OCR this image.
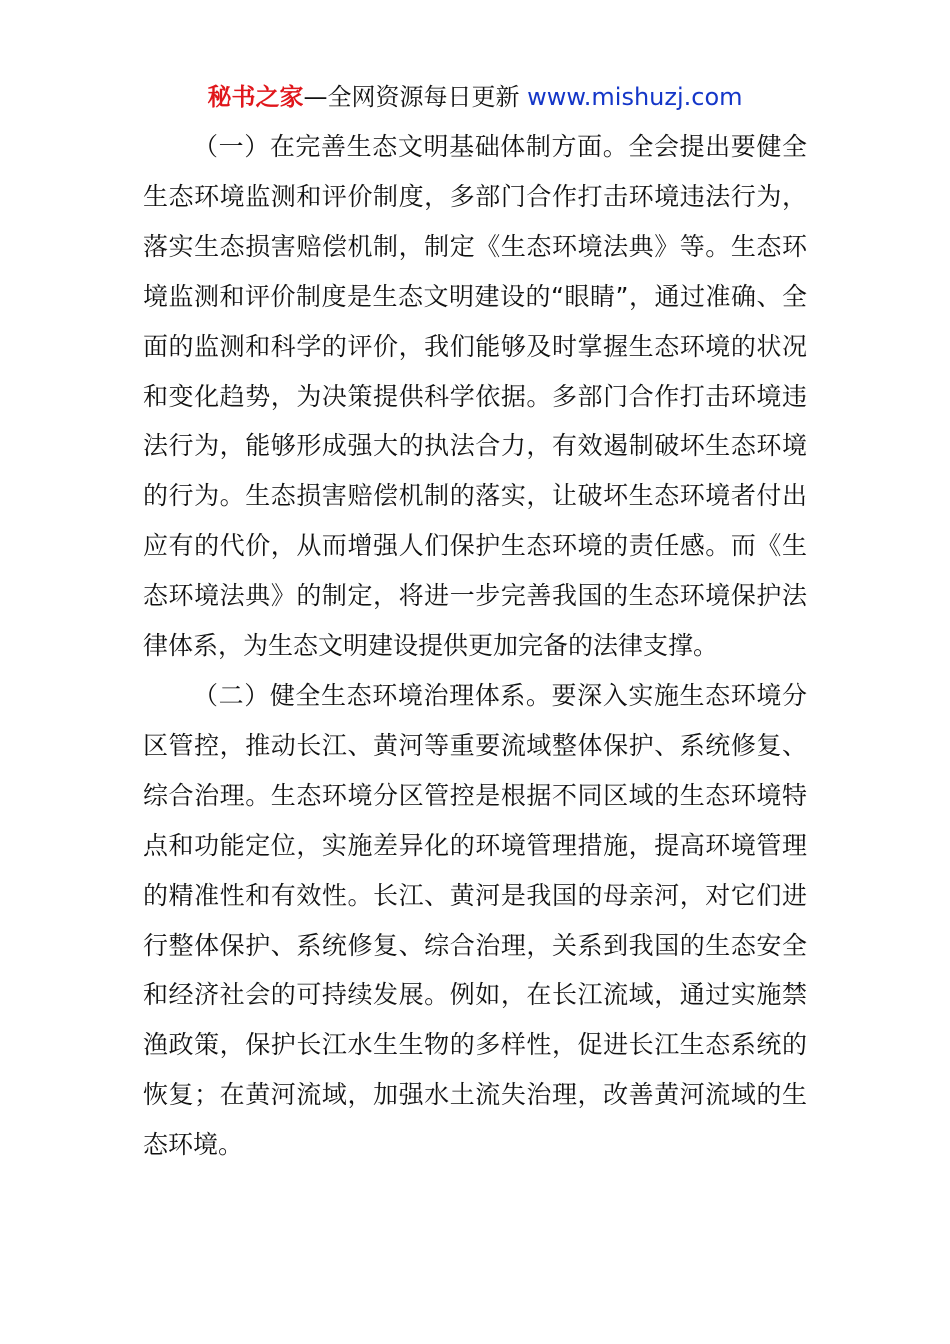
秘书之家—全网资源每日更新 www.mishuzj.com

（一）在完善生态文明基础体制方面。全会提出要健全生态环境监测和评价制度，多部门合作打击环境违法行为，落实生态损害赔偿机制，制定《生态环境法典》等。生态环境监测和评价制度是生态文明建设的“眼睛”，通过准确、全面的监测和科学的评价，我们能够及时掌握生态环境的状况和变化趋势，为决策提供科学依据。多部门合作打击环境违法行为，能够形成强大的执法合力，有效遏制破坏生态环境的行为。生态损害赔偿机制的落实，让破坏生态环境者付出应有的代价，从而增强人们保护生态环境的责任感。而《生态环境法典》的制定，将进一步完善我国的生态环境保护法律体系，为生态文明建设提供更加完备的法律支撑。

（二）健全生态环境治理体系。要深入实施生态环境分区管控，推动长江、黄河等重要流域整体保护、系统修复、综合治理。生态环境分区管控是根据不同区域的生态环境特点和功能定位，实施差异化的环境管理措施，提高环境管理的精准性和有效性。长江、黄河是我国的母亲河，对它们进行整体保护、系统修复、综合治理，关系到我国的生态安全和经济社会的可持续发展。例如，在长江流域，通过实施禁渔政策，保护长江水生生物的多样性，促进长江生态系统的恢复；在黄河流域，加强水土流失治理，改善黄河流域的生态环境。
